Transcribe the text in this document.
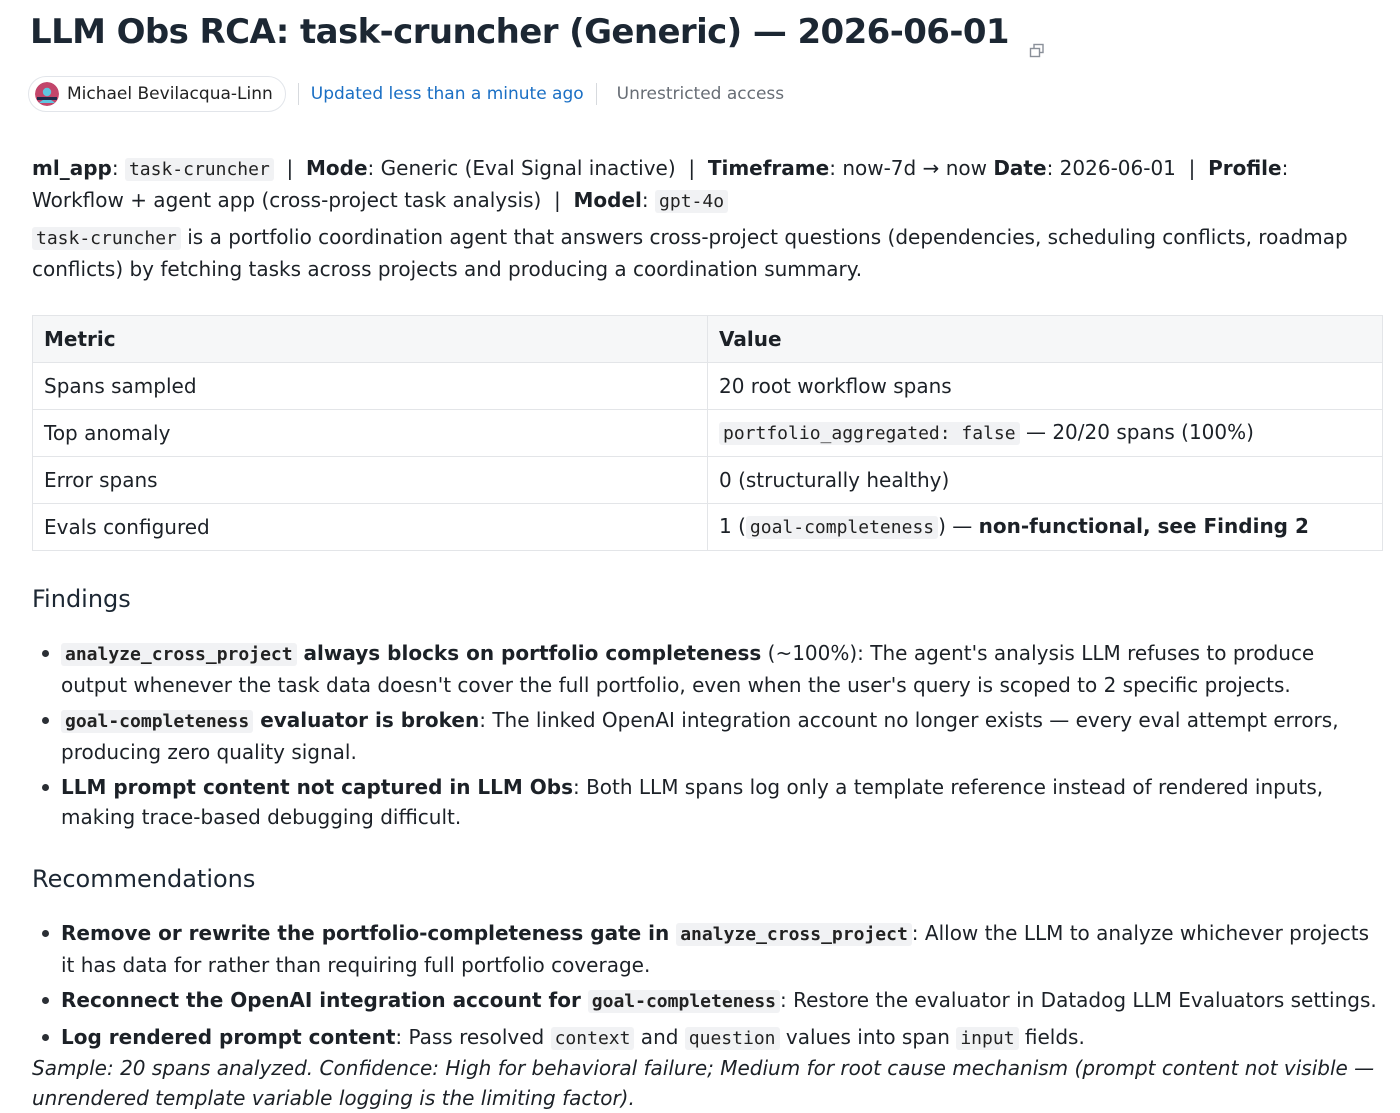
LLM Obs RCA: task-cruncher (Generic) — 2026-06-01
Michael Bevilacqua-Linn Updated less than a minute ago Unrestricted access

ml_app: task-cruncher | Mode: Generic (Eval Signal inactive) | Timeframe: now-7d → now Date: 2026-06-01 | Profile: Workflow + agent app (cross-project task analysis) | Model: gpt-4o

task-cruncher is a portfolio coordination agent that answers cross-project questions (dependencies, scheduling conflicts, roadmap conflicts) by fetching tasks across projects and producing a coordination summary.

Metric	Value
Spans sampled	20 root workflow spans
Top anomaly	portfolio_aggregated: false — 20/20 spans (100%)
Error spans	0 (structurally healthy)
Evals configured	1 ( goal-completeness ) — non-functional, see Finding 2
Findings
analyze_cross_project always blocks on portfolio completeness (~100%): The agent's analysis LLM refuses to produce output whenever the task data doesn't cover the full portfolio, even when the user's query is scoped to 2 specific projects.
goal-completeness evaluator is broken: The linked OpenAI integration account no longer exists — every eval attempt errors, producing zero quality signal.
LLM prompt content not captured in LLM Obs: Both LLM spans log only a template reference instead of rendered inputs, making trace-based debugging difficult.
Recommendations
Remove or rewrite the portfolio-completeness gate in analyze_cross_project : Allow the LLM to analyze whichever projects it has data for rather than requiring full portfolio coverage.
Reconnect the OpenAI integration account for goal-completeness : Restore the evaluator in Datadog LLM Evaluators settings.
Log rendered prompt content: Pass resolved context and question values into span input fields.

Sample: 20 spans analyzed. Confidence: High for behavioral failure; Medium for root cause mechanism (prompt content not visible — unrendered template variable logging is the limiting factor).
